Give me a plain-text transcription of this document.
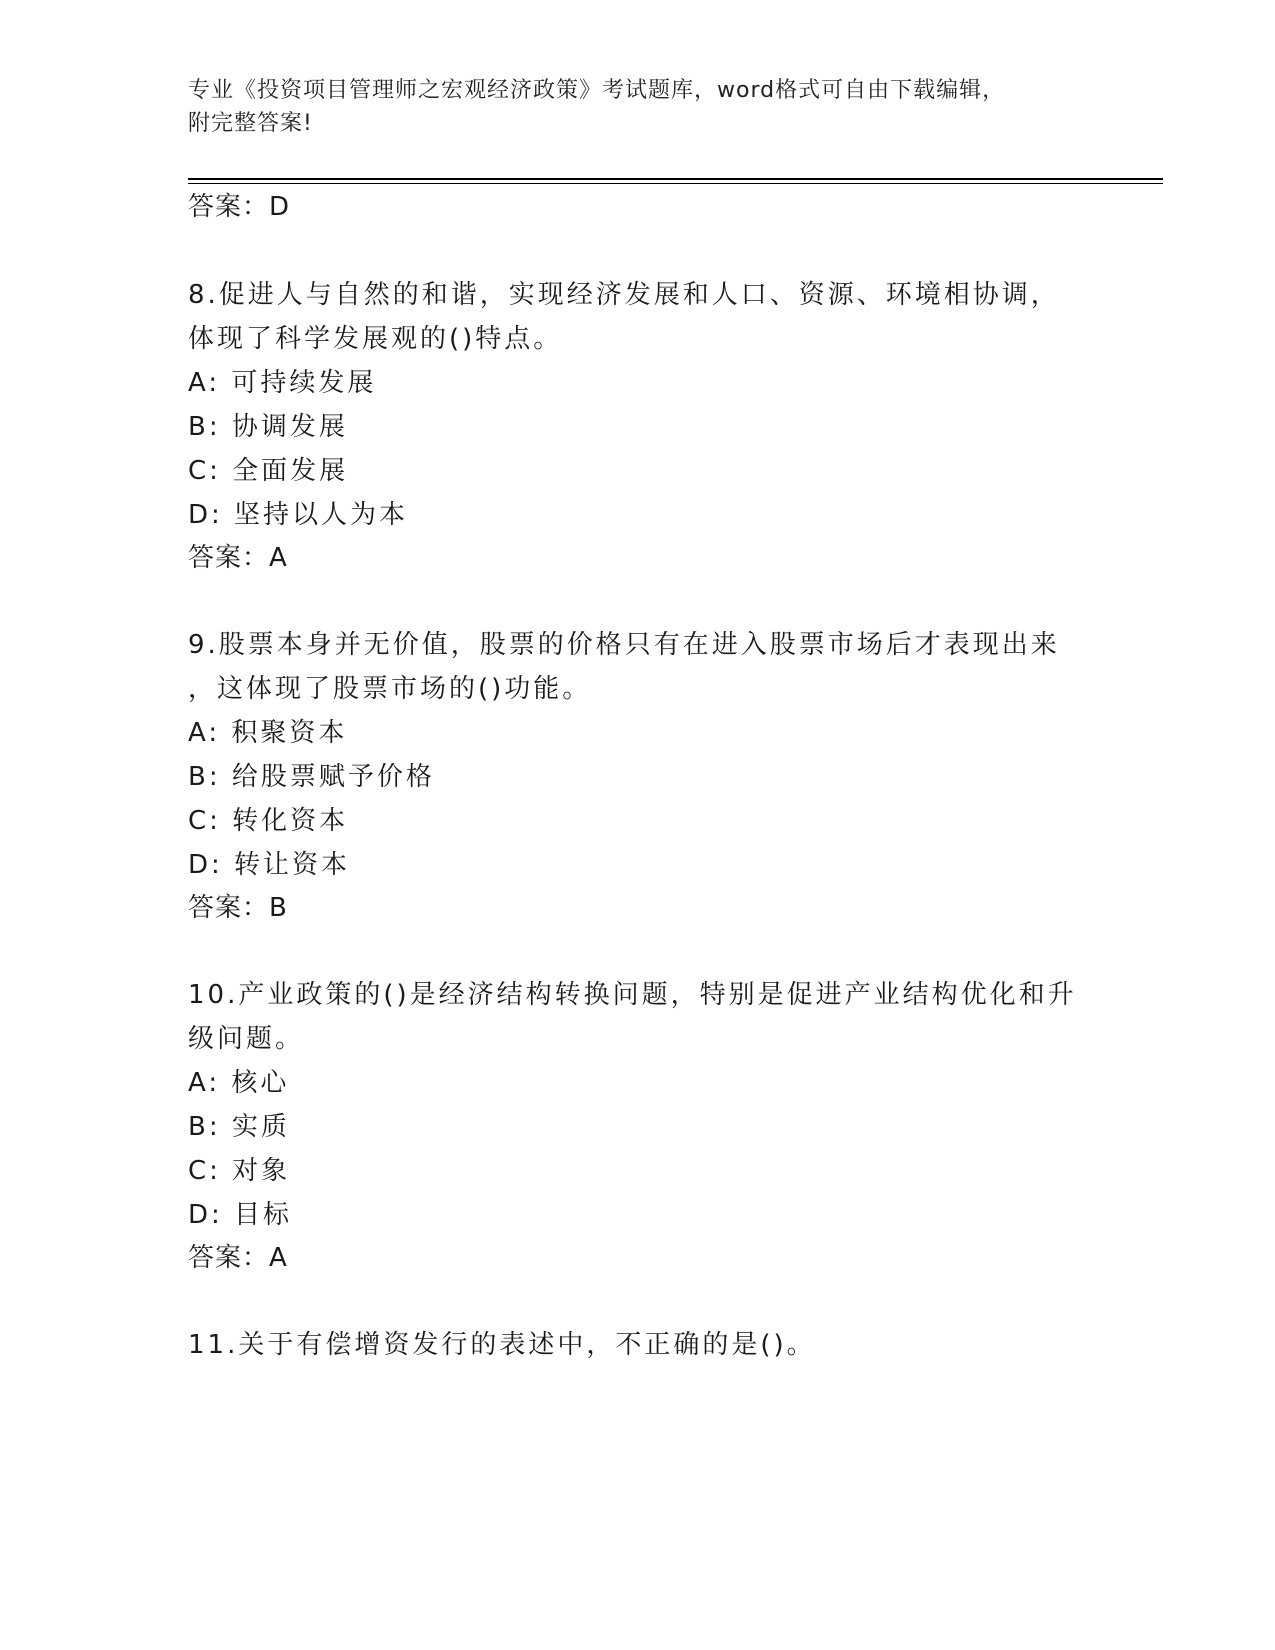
专业《投资项目管理师之宏观经济政策》考试题库，word格式可自由下载编辑，
附完整答案!
答案：D
8.促进人与自然的和谐，实现经济发展和人口、资源、环境相协调，
体现了科学发展观的()特点。
A: 可持续发展
B: 协调发展
C: 全面发展
D: 坚持以人为本
答案：A
9.股票本身并无价值，股票的价格只有在进入股票市场后才表现出来
，这体现了股票市场的()功能。
A: 积聚资本
B: 给股票赋予价格
C: 转化资本
D: 转让资本
答案：B
10.产业政策的()是经济结构转换问题，特别是促进产业结构优化和升
级问题。
A: 核心
B: 实质
C: 对象
D: 目标
答案：A
11.关于有偿增资发行的表述中，不正确的是()。
